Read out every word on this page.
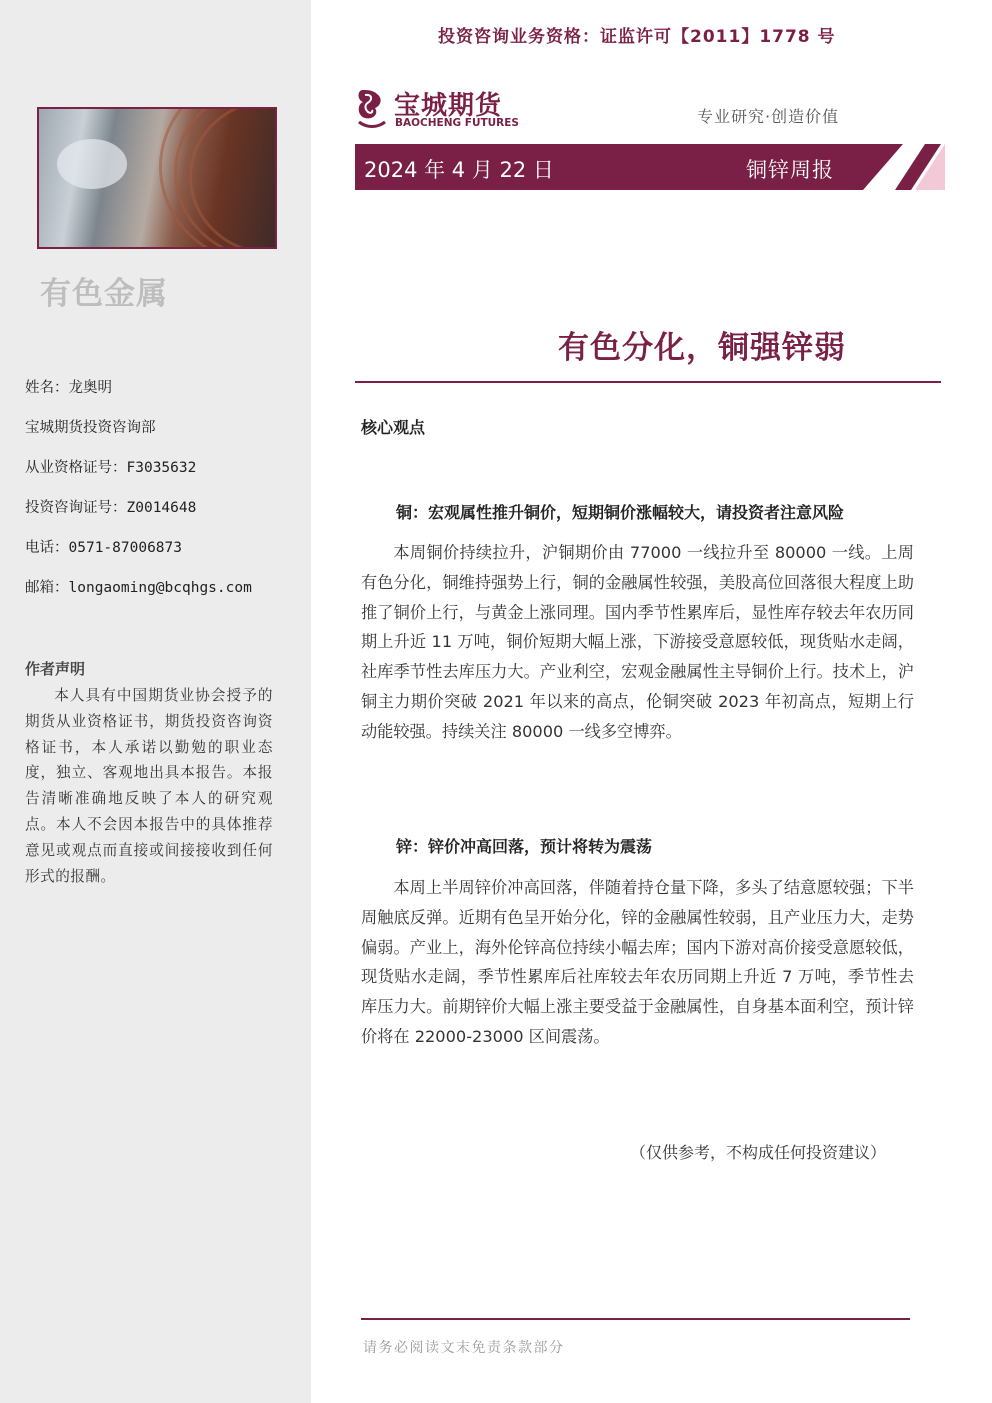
有色金属
姓名：龙奥明
宝城期货投资咨询部
从业资格证号：F3035632
投资咨询证号：Z0014648
电话：0571-87006873
邮箱：longaoming@bcqhgs.com
作者声明
本人具有中国期货业协会授予的期货从业资格证书，期货投资咨询资格证书，本人承诺以勤勉的职业态度，独立、客观地出具本报告。本报告清晰准确地反映了本人的研究观点。本人不会因本报告中的具体推荐意见或观点而直接或间接接收到任何形式的报酬。
投资咨询业务资格：证监许可【2011】1778 号
宝城期货
BAOCHENG FUTURES	专业研究·创造价值
2024 年 4 月 22 日	铜锌周报
有色分化，铜强锌弱
核心观点
铜：宏观属性推升铜价，短期铜价涨幅较大，请投资者注意风险
本周铜价持续拉升，沪铜期价由 77000 一线拉升至 80000 一线。上周有色分化，铜维持强势上行，铜的金融属性较强，美股高位回落很大程度上助推了铜价上行，与黄金上涨同理。国内季节性累库后，显性库存较去年农历同期上升近 11 万吨，铜价短期大幅上涨，下游接受意愿较低，现货贴水走阔，社库季节性去库压力大。产业利空，宏观金融属性主导铜价上行。技术上，沪铜主力期价突破 2021 年以来的高点，伦铜突破 2023 年初高点，短期上行动能较强。持续关注 80000 一线多空博弈。
锌：锌价冲高回落，预计将转为震荡
本周上半周锌价冲高回落，伴随着持仓量下降，多头了结意愿较强；下半周触底反弹。近期有色呈开始分化，锌的金融属性较弱，且产业压力大，走势偏弱。产业上，海外伦锌高位持续小幅去库；国内下游对高价接受意愿较低，现货贴水走阔，季节性累库后社库较去年农历同期上升近 7 万吨，季节性去库压力大。前期锌价大幅上涨主要受益于金融属性，自身基本面利空，预计锌价将在 22000-23000 区间震荡。
（仅供参考，不构成任何投资建议）
请务必阅读文末免责条款部分
